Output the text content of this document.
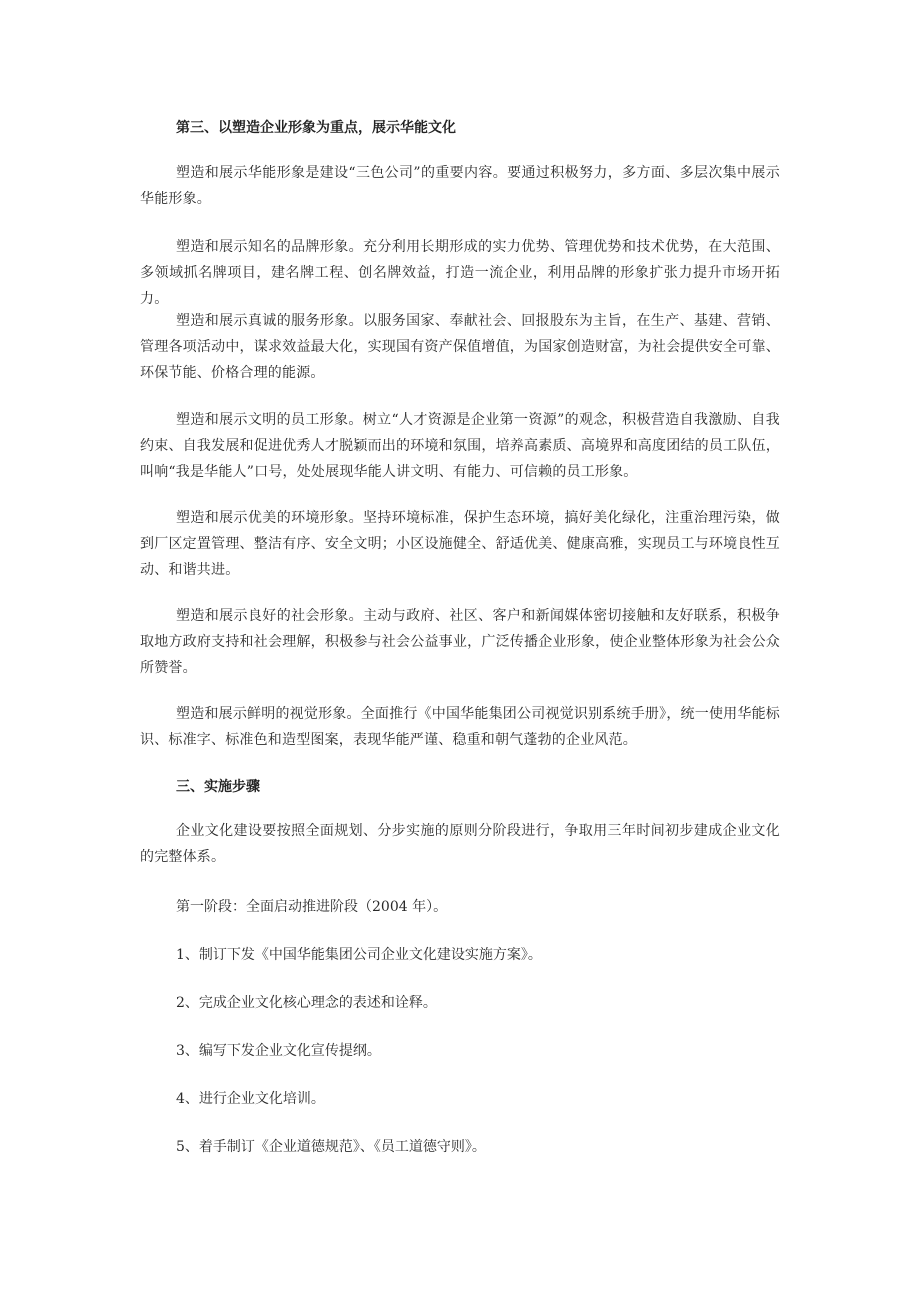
第三、以塑造企业形象为重点，展示华能文化
塑造和展示华能形象是建设“三色公司”的重要内容。要通过积极努力，多方面、多层次集中展示华能形象。
塑造和展示知名的品牌形象。充分利用长期形成的实力优势、管理优势和技术优势，在大范围、多领域抓名牌项目，建名牌工程、创名牌效益，打造一流企业，利用品牌的形象扩张力提升市场开拓力。
塑造和展示真诚的服务形象。以服务国家、奉献社会、回报股东为主旨，在生产、基建、营销、管理各项活动中，谋求效益最大化，实现国有资产保值增值，为国家创造财富，为社会提供安全可靠、环保节能、价格合理的能源。
塑造和展示文明的员工形象。树立“人才资源是企业第一资源”的观念，积极营造自我激励、自我约束、自我发展和促进优秀人才脱颖而出的环境和氛围，培养高素质、高境界和高度团结的员工队伍，叫响“我是华能人”口号，处处展现华能人讲文明、有能力、可信赖的员工形象。
塑造和展示优美的环境形象。坚持环境标准，保护生态环境，搞好美化绿化，注重治理污染，做到厂区定置管理、整洁有序、安全文明；小区设施健全、舒适优美、健康高雅，实现员工与环境良性互动、和谐共进。
塑造和展示良好的社会形象。主动与政府、社区、客户和新闻媒体密切接触和友好联系，积极争取地方政府支持和社会理解，积极参与社会公益事业，广泛传播企业形象，使企业整体形象为社会公众所赞誉。
塑造和展示鲜明的视觉形象。全面推行《中国华能集团公司视觉识别系统手册》，统一使用华能标识、标准字、标准色和造型图案，表现华能严谨、稳重和朝气蓬勃的企业风范。
三、实施步骤
企业文化建设要按照全面规划、分步实施的原则分阶段进行，争取用三年时间初步建成企业文化的完整体系。
第一阶段：全面启动推进阶段（2004 年）。
1、制订下发《中国华能集团公司企业文化建设实施方案》。
2、完成企业文化核心理念的表述和诠释。
3、编写下发企业文化宣传提纲。
4、进行企业文化培训。
5、着手制订《企业道德规范》、《员工道德守则》。
